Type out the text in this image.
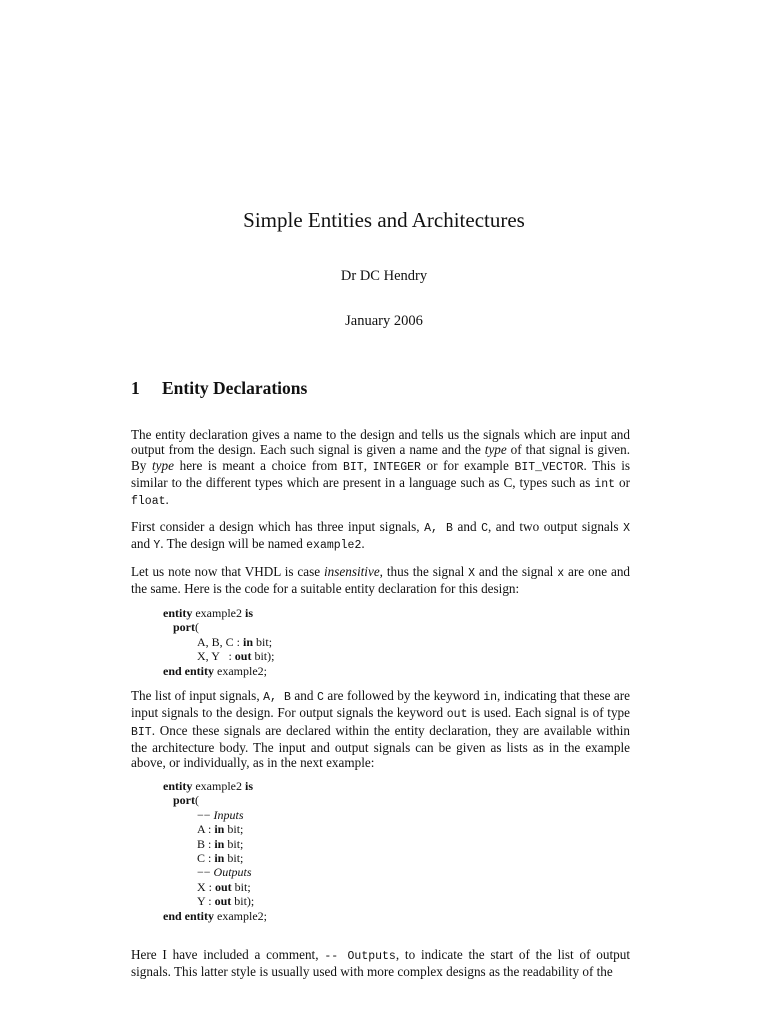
Simple Entities and Architectures
Dr DC Hendry
January 2006
1 Entity Declarations

The entity declaration gives a name to the design and tells us the signals which are input and output from the design. Each such signal is given a name and the type of that signal is given. By type here is meant a choice from BIT, INTEGER or for example BIT_VECTOR. This is similar to the different types which are present in a language such as C, types such as int or float.

First consider a design which has three input signals, A, B and C, and two output signals X and Y. The design will be named example2.

Let us note now that VHDL is case insensitive, thus the signal X and the signal x are one and the same. Here is the code for a suitable entity declaration for this design:

entity example2 is
port(
A, B, C : in bit;
X, Y   : out bit);
end entity example2;

The list of input signals, A, B and C are followed by the keyword in, indicating that these are input signals to the design. For output signals the keyword out is used. Each signal is of type BIT. Once these signals are declared within the entity declaration, they are available within the architecture body. The input and output signals can be given as lists as in the example above, or individually, as in the next example:

entity example2 is
port(
−− Inputs
A : in bit;
B : in bit;
C : in bit;
−− Outputs
X : out bit;
Y : out bit);
end entity example2;

Here I have included a comment, -- Outputs, to indicate the start of the list of output signals. This latter style is usually used with more complex designs as the readability of the
